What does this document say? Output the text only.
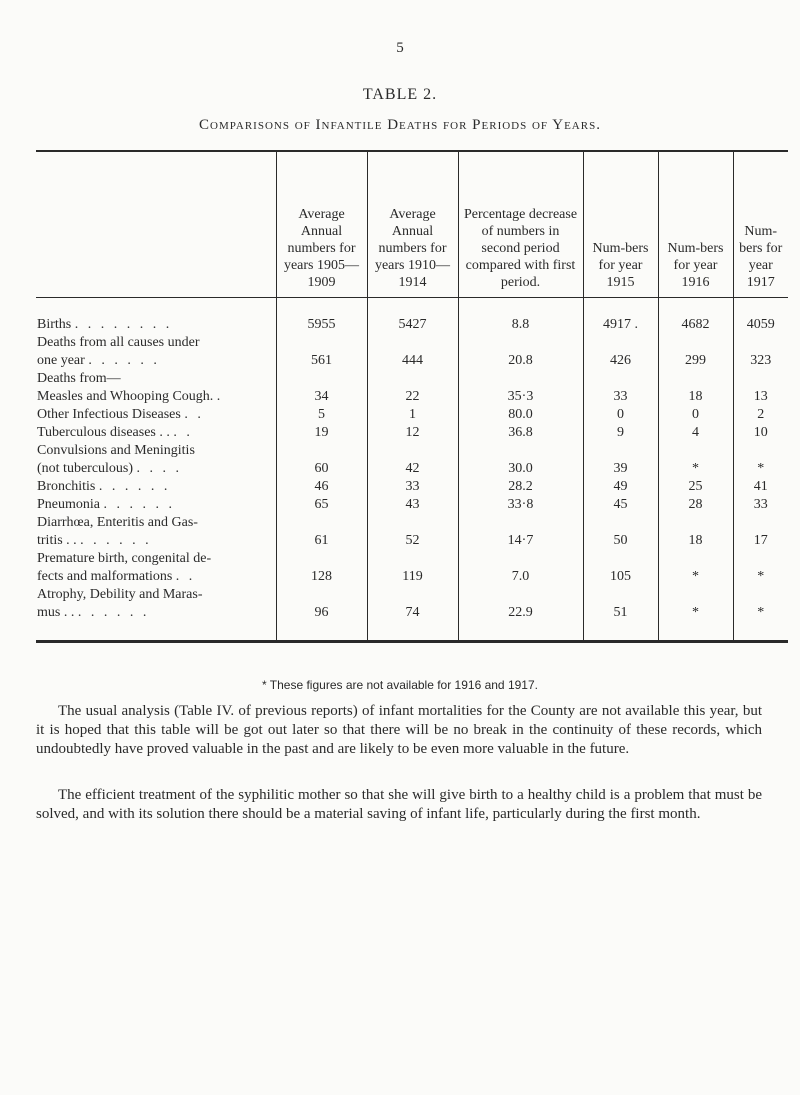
5
TABLE 2.
Comparisons of Infantile Deaths for Periods of Years.
	Average Annual numbers for years 1905—1909	Average Annual numbers for years 1910—1914	Percentage decrease of numbers in second period compared with first period.	Num-bers for year 1915	Num-bers for year 1916	Num-bers for year 1917
Births . . . . . . . .	5955	5427	8.8	4917 .	4682	4059
Deaths from all causes under						
one year . . . . . .	561	444	20.8	426	299	323
Deaths from—						
Measles and Whooping Cough. .	34	22	35·3	33	18	13
Other Infectious Diseases . .	5	1	80.0	0	0	2
Tuberculous diseases . . . .	19	12	36.8	9	4	10
Convulsions and Meningitis						
(not tuberculous) . . . .	60	42	30.0	39	*	*
Bronchitis . . . . . .	46	33	28.2	49	25	41
Pneumonia . . . . . .	65	43	33·8	45	28	33
Diarrhœa, Enteritis and Gas-						
tritis . . . . . . . .	61	52	14·7	50	18	17
Premature birth, congenital de-						
fects and malformations . .	128	119	7.0	105	*	*
Atrophy, Debility and Maras-						
mus . . . . . . . .	96	74	22.9	51	*	*
* These figures are not available for 1916 and 1917.
The usual analysis (Table IV. of previous reports) of infant mortalities for the County are not available this year, but it is hoped that this table will be got out later so that there will be no break in the continuity of these records, which undoubtedly have proved valuable in the past and are likely to be even more valuable in the future.
The efficient treatment of the syphilitic mother so that she will give birth to a healthy child is a problem that must be solved, and with its solution there should be a material saving of infant life, particularly during the first month.
